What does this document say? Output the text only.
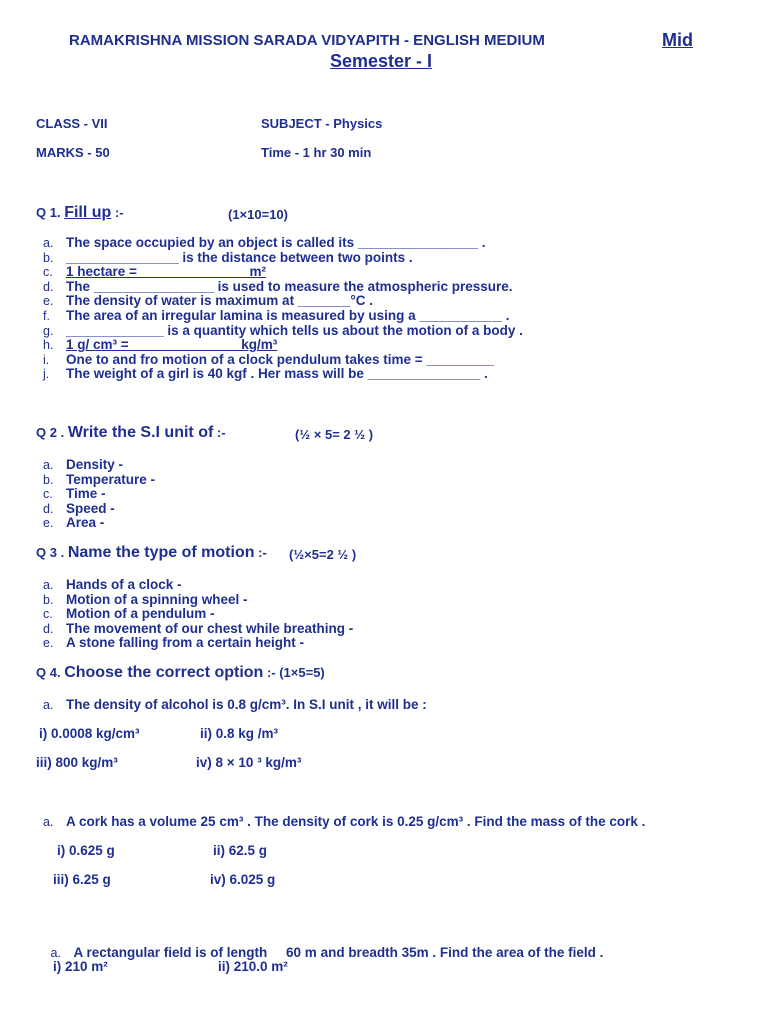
RAMAKRISHNA MISSION SARADA VIDYAPITH - ENGLISH MEDIUM	Mid
Semester - I
CLASS - VII	SUBJECT - Physics
MARKS - 50	Time - 1 hr 30 min
Q 1. Fill up :-	(1×10=10)
a. The space occupied by an object is called its ________________ .
b. _______________ is the distance between two points .
c. 1 hectare = ______________ m²
d. The ________________ is used to measure the atmospheric pressure.
e. The density of water is maximum at _______°C .
f. The area of an irregular lamina is measured by using a ___________ .
g. _____________ is a quantity which tells us about the motion of a body .
h. 1 g/ cm³ = ______________ kg/m³
i. One to and fro motion of a clock pendulum takes time = _________
j. The weight of a girl is 40 kgf . Her mass will be _______________ .
Q 2 . Write the S.I unit of :-	(½ × 5= 2 ½ )
a. Density -
b. Temperature -
c. Time -
d. Speed -
e. Area -
Q 3 . Name the type of motion :- (½×5=2 ½ )
a. Hands of a clock -
b. Motion of a spinning wheel -
c. Motion of a pendulum -
d. The movement of our chest while breathing -
e. A stone falling from a certain height -
Q 4. Choose the correct option :- (1×5=5)
a. The density of alcohol is 0.8 g/cm³. In S.I unit , it will be :
i) 0.0008 kg/cm³	ii) 0.8 kg /m³
iii) 800 kg/m³	iv) 8 × 10 ³ kg/m³
a. A cork has a volume 25 cm³ . The density of cork is 0.25 g/cm³ . Find the mass of the cork .
i) 0.625 g	ii) 62.5 g
iii) 6.25 g	iv) 6.025 g

a. A rectangular field is of length     60 m and breadth 35m . Find the area of the field .

i) 210 m²	ii) 210.0 m²
